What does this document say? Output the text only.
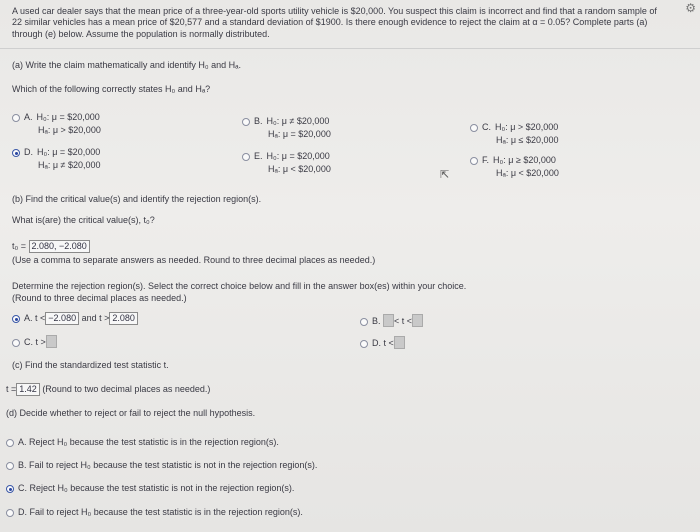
⚙
A used car dealer says that the mean price of a three-year-old sports utility vehicle is $20,000. You suspect this claim is incorrect and find that a random sample of
22 similar vehicles has a mean price of $20,577 and a standard deviation of $1900. Is there enough evidence to reject the claim at α = 0.05? Complete parts (a)
through (e) below. Assume the population is normally distributed.
(a) Write the claim mathematically and identify H₀ and Hₐ.
Which of the following correctly states H₀ and Hₐ?
A. H₀: μ = $20,000
Hₐ: μ > $20,000
B. H₀: μ ≠ $20,000
Hₐ: μ = $20,000
C. H₀: μ > $20,000
Hₐ: μ ≤ $20,000
D. H₀: μ = $20,000
Hₐ: μ ≠ $20,000
E. H₀: μ = $20,000
Hₐ: μ < $20,000
F. H₀: μ ≥ $20,000
Hₐ: μ < $20,000
⇱
(b) Find the critical value(s) and identify the rejection region(s).
What is(are) the critical value(s), t₀?
t₀ = 2.080, −2.080
(Use a comma to separate answers as needed. Round to three decimal places as needed.)
Determine the rejection region(s). Select the correct choice below and fill in the answer box(es) within your choice.
(Round to three decimal places as needed.)
A. t < −2.080 and t > 2.080	B. < t <
C. t >	D. t <
(c) Find the standardized test statistic t.
t = 1.42 (Round to two decimal places as needed.)
(d) Decide whether to reject or fail to reject the null hypothesis.
A. Reject H₀ because the test statistic is in the rejection region(s).
B. Fail to reject H₀ because the test statistic is not in the rejection region(s).
C. Reject H₀ because the test statistic is not in the rejection region(s).
D. Fail to reject H₀ because the test statistic is in the rejection region(s).
